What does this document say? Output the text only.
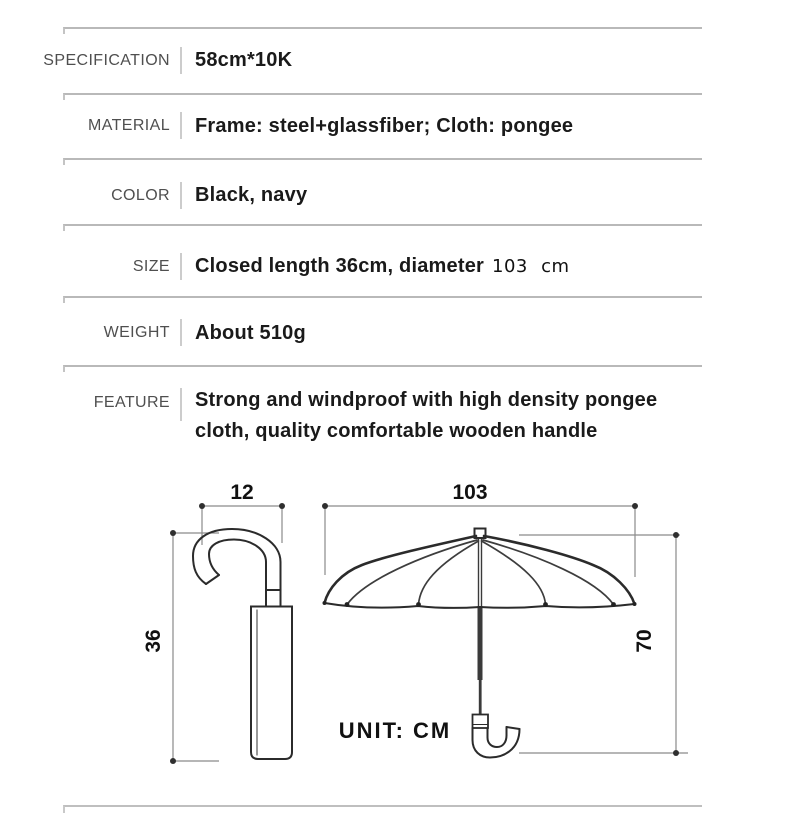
SPECIFICATION 58cm*10K
MATERIAL Frame: steel+glassfiber; Cloth: pongee
COLOR Black, navy
SIZE Closed length 36cm, diameter 103 cm
WEIGHT About 510g
FEATURE Strong and windproof with high density pongee
cloth, quality comfortable wooden handle
12
36
103
70
UNIT: CM
